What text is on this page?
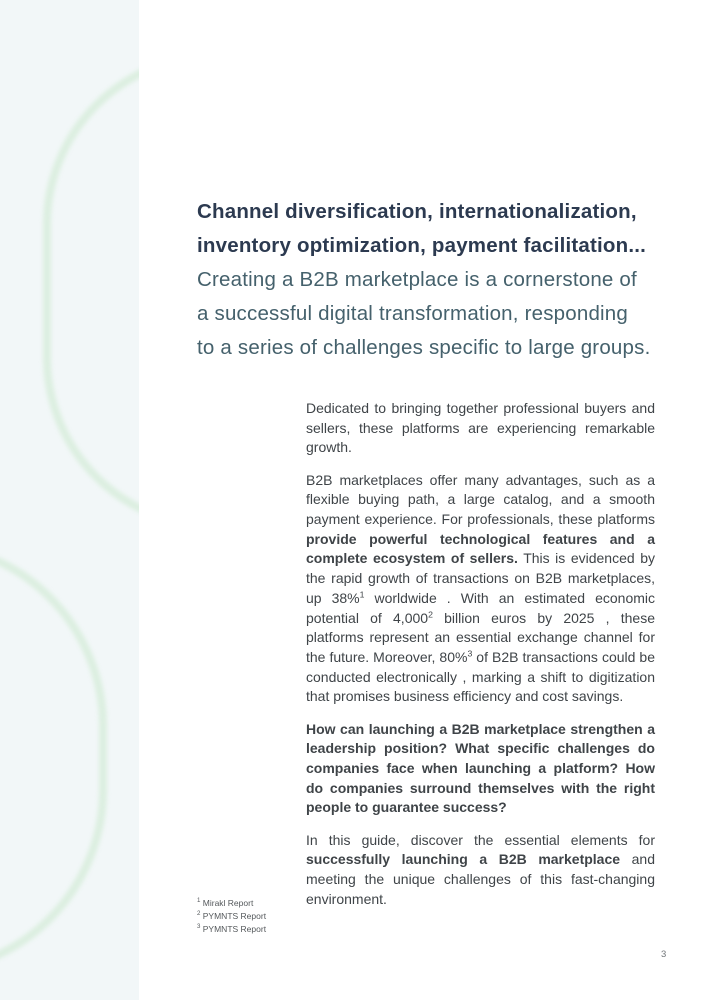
Channel diversification, internationalization,
inventory optimization, payment facilitation...
Creating a B2B marketplace is a cornerstone of
a successful digital transformation, responding
to a series of challenges specific to large groups.

Dedicated to bringing together professional buyers and sellers, these platforms are experiencing remarkable growth.

B2B marketplaces offer many advantages, such as a flexible buying path, a large catalog, and a smooth payment experience. For professionals, these platforms provide powerful technological features and a complete ecosystem of sellers. This is evidenced by the rapid growth of transactions on B2B marketplaces, up 38%$^1$ worldwide . With an estimated economic potential of 4,000$^2$ billion euros by 2025 , these platforms represent an essential exchange channel for the future. Moreover, 80%$^3$ of B2B transactions could be conducted electronically , marking a shift to digitization that promises business efficiency and cost savings.

How can launching a B2B marketplace strengthen a leadership position? What specific challenges do companies face when launching a platform? How do companies surround themselves with the right people to guarantee success?

In this guide, discover the essential elements for successfully launching a B2B marketplace and meeting the unique challenges of this fast-changing environment.

$^1$ Mirakl Report
$^2$ PYMNTS Report
$^3$ PYMNTS Report
3
